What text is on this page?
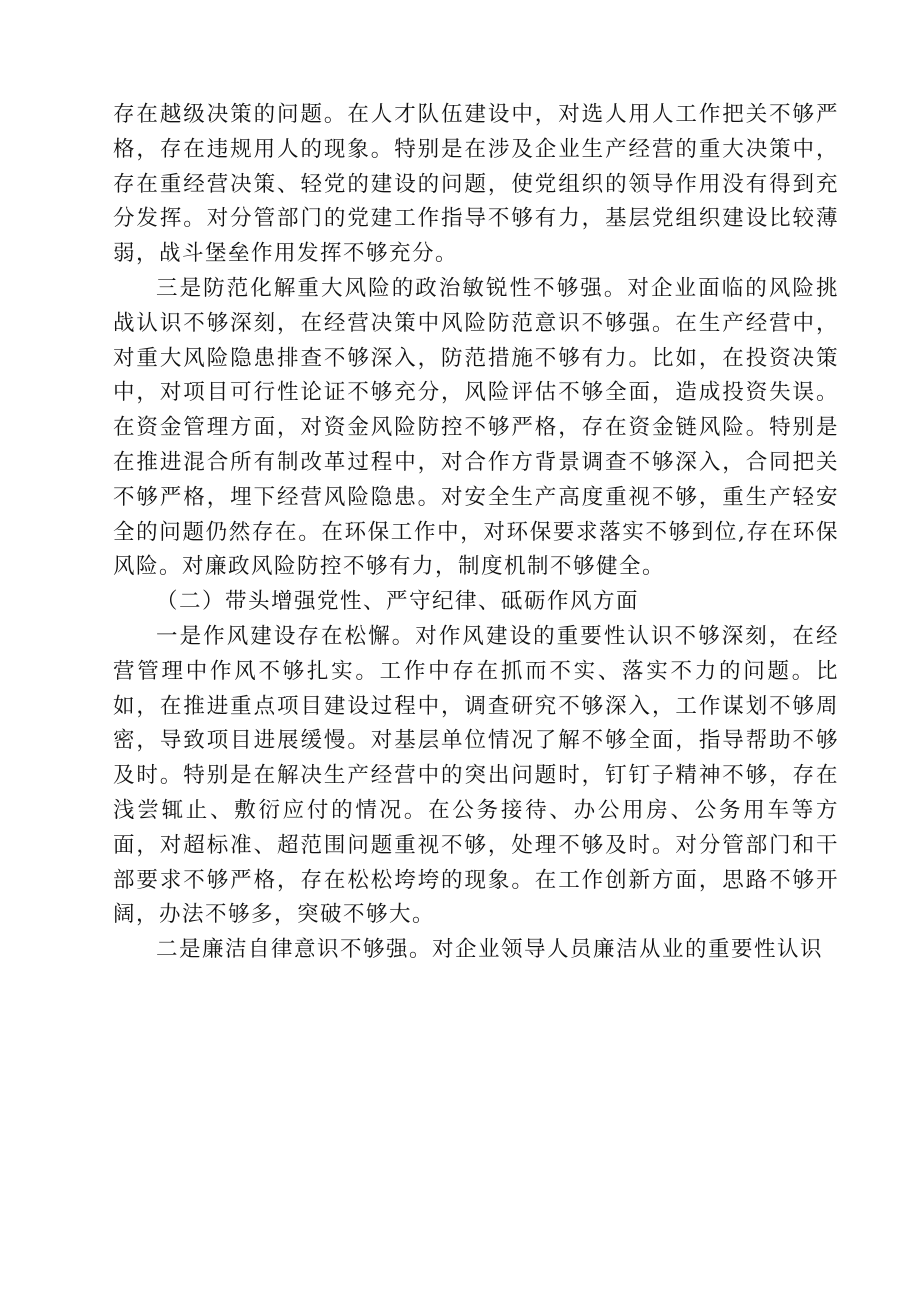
存在越级决策的问题。在人才队伍建设中，对选人用人工作把关不够严格，存在违规用人的现象。特别是在涉及企业生产经营的重大决策中，存在重经营决策、轻党的建设的问题，使党组织的领导作用没有得到充分发挥。对分管部门的党建工作指导不够有力，基层党组织建设比较薄弱，战斗堡垒作用发挥不够充分。

三是防范化解重大风险的政治敏锐性不够强。对企业面临的风险挑战认识不够深刻，在经营决策中风险防范意识不够强。在生产经营中，对重大风险隐患排查不够深入，防范措施不够有力。比如，在投资决策中，对项目可行性论证不够充分，风险评估不够全面，造成投资失误。在资金管理方面，对资金风险防控不够严格，存在资金链风险。特别是在推进混合所有制改革过程中，对合作方背景调查不够深入，合同把关不够严格，埋下经营风险隐患。对安全生产高度重视不够，重生产轻安全的问题仍然存在。在环保工作中，对环保要求落实不够到位,存在环保风险。对廉政风险防控不够有力，制度机制不够健全。

（二）带头增强党性、严守纪律、砥砺作风方面

一是作风建设存在松懈。对作风建设的重要性认识不够深刻，在经营管理中作风不够扎实。工作中存在抓而不实、落实不力的问题。比如，在推进重点项目建设过程中，调查研究不够深入，工作谋划不够周密，导致项目进展缓慢。对基层单位情况了解不够全面，指导帮助不够及时。特别是在解决生产经营中的突出问题时，钉钉子精神不够，存在浅尝辄止、敷衍应付的情况。在公务接待、办公用房、公务用车等方面，对超标准、超范围问题重视不够，处理不够及时。对分管部门和干部要求不够严格，存在松松垮垮的现象。在工作创新方面，思路不够开阔，办法不够多，突破不够大。

二是廉洁自律意识不够强。对企业领导人员廉洁从业的重要性认识
